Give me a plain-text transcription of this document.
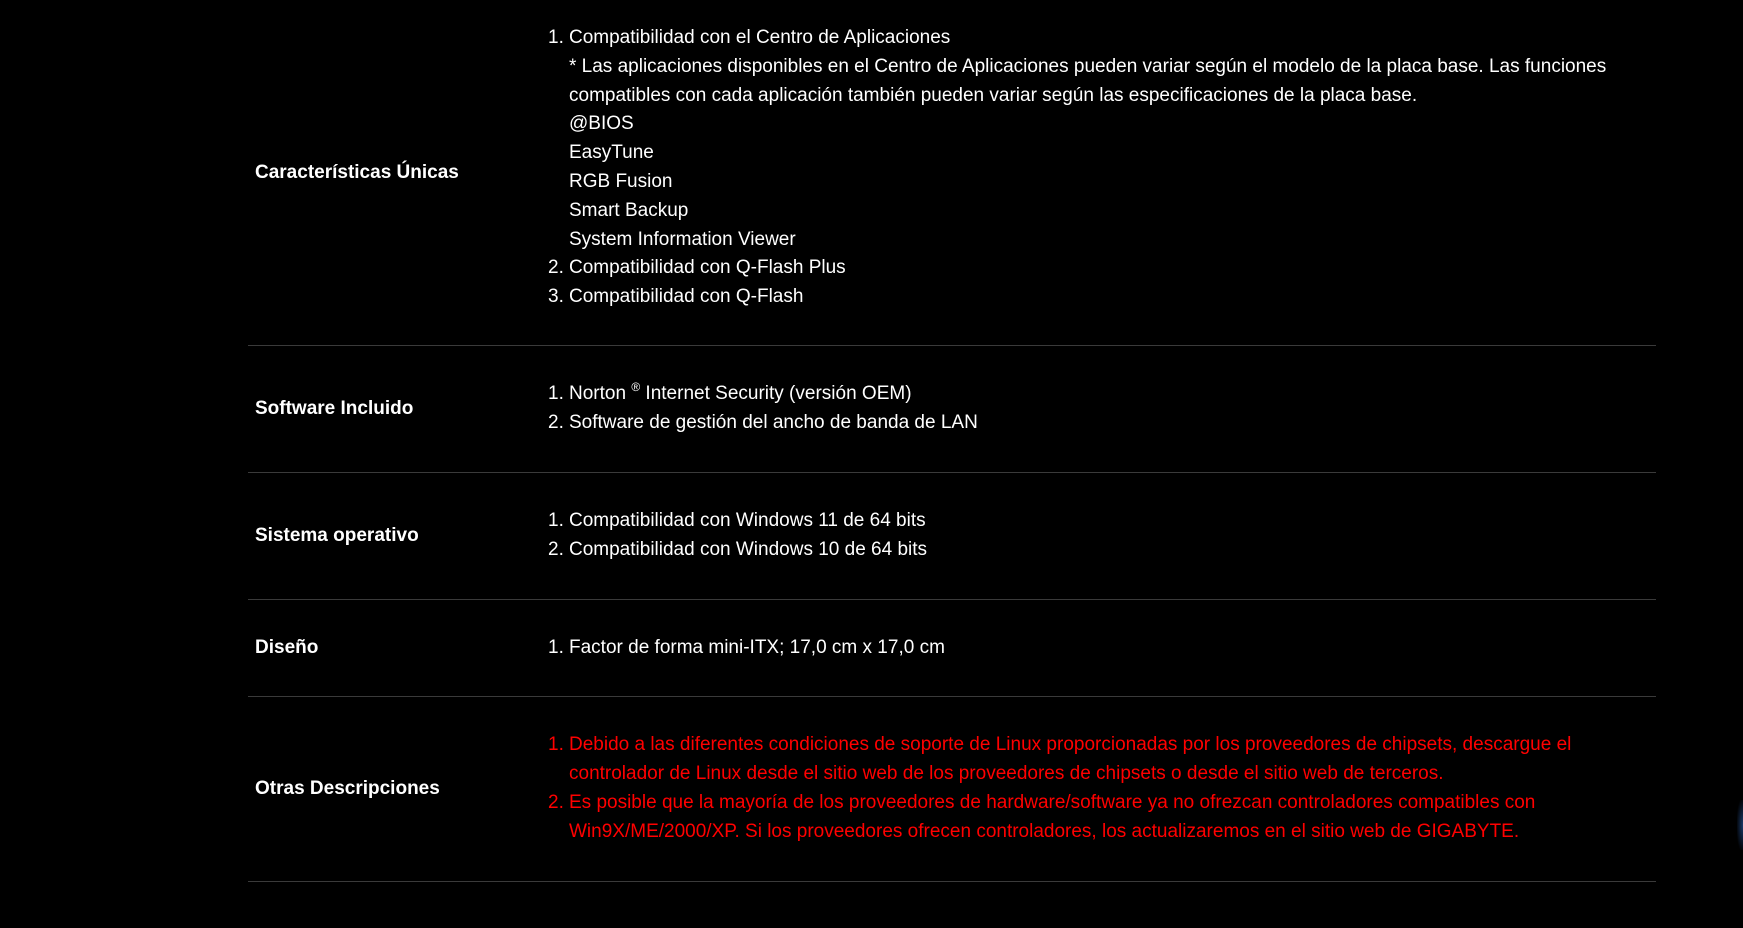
Características Únicas
1. Compatibilidad con el Centro de Aplicaciones
* Las aplicaciones disponibles en el Centro de Aplicaciones pueden variar según el modelo de la placa base. Las funciones compatibles con cada aplicación también pueden variar según las especificaciones de la placa base.
@BIOS
EasyTune
RGB Fusion
Smart Backup
System Information Viewer
2. Compatibilidad con Q-Flash Plus
3. Compatibilidad con Q-Flash
Software Incluido
1. Norton ® Internet Security (versión OEM)
2. Software de gestión del ancho de banda de LAN
Sistema operativo
1. Compatibilidad con Windows 11 de 64 bits
2. Compatibilidad con Windows 10 de 64 bits
Diseño	1. Factor de forma mini-ITX; 17,0 cm x 17,0 cm
Otras Descripciones
1. Debido a las diferentes condiciones de soporte de Linux proporcionadas por los proveedores de chipsets, descargue el controlador de Linux desde el sitio web de los proveedores de chipsets o desde el sitio web de terceros.
2. Es posible que la mayoría de los proveedores de hardware/software ya no ofrezcan controladores compatibles con Win9X/ME/2000/XP. Si los proveedores ofrecen controladores, los actualizaremos en el sitio web de GIGABYTE.
